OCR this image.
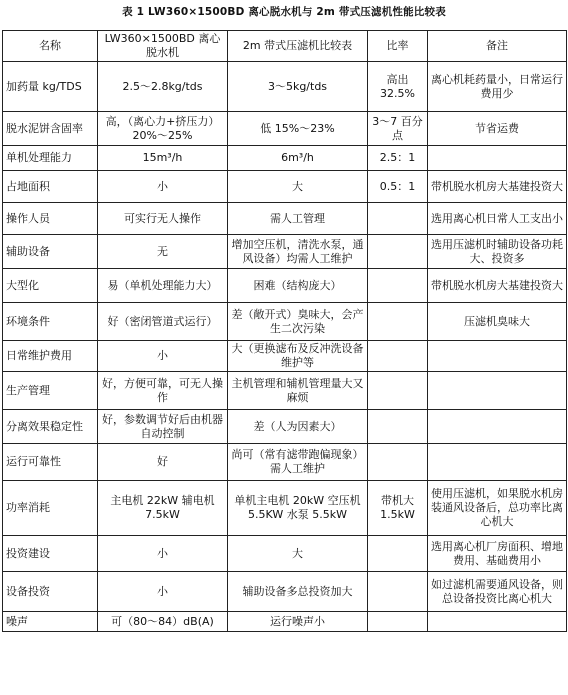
表 1 LW360×1500BD 离心脱水机与 2m 带式压滤机性能比较表
名称	LW360×1500BD 离心脱水机	2m 带式压滤机比较表	比率	备注
加药量 kg/TDS	2.5～2.8kg/tds	3～5kg/tds	高出 32.5%	离心机耗药量小，日常运行费用少
脱水泥饼含固率	高，（离心力+挤压力）20%～25%	低 15%～23%	3～7 百分点	节省运费
单机处理能力	15m³/h	6m³/h	2.5：1	
占地面积	小	大	0.5：1	带机脱水机房大基建投资大
操作人员	可实行无人操作	需人工管理		选用离心机日常人工支出小
辅助设备	无	增加空压机，清洗水泵，通风设备）均需人工维护		选用压滤机时辅助设备功耗大、投资多
大型化	易（单机处理能力大）	困难（结构庞大）		带机脱水机房大基建投资大
环境条件	好（密闭管道式运行）	差（敞开式）臭味大，会产生二次污染		压滤机臭味大
日常维护费用	小	大（更换滤布及反冲洗设备维护等		
生产管理	好，方便可靠，可无人操作	主机管理和辅机管理量大又麻烦		
分离效果稳定性	好，参数调节好后由机器自动控制	差（人为因素大）		
运行可靠性	好	尚可（常有滤带跑偏现象）需人工维护		
功率消耗	主电机 22kW 辅电机 7.5kW	单机主电机 20kW 空压机 5.5KW 水泵 5.5kW	带机大 1.5kW	使用压滤机，如果脱水机房装通风设备后，总功率比离心机大
投资建设	小	大		选用离心机厂房面积、增地费用、基础费用小
设备投资	小	辅助设备多总投资加大		如过滤机需要通风设备，则总设备投资比离心机大
噪声	可（80～84）dB(A)	运行噪声小		
